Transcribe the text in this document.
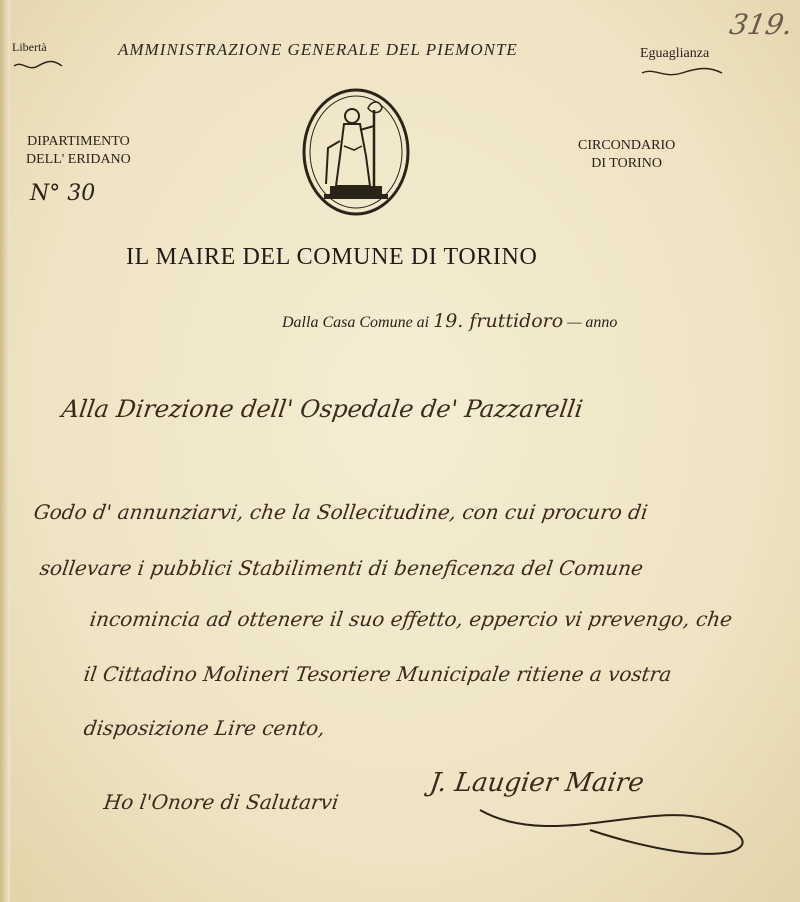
319.
Libertà	AMMINISTRAZIONE GENERALE DEL PIEMONTE	Eguaglianza
DIPARTIMENTO
DELL' ERIDANO
CIRCONDARIO
DI TORINO
N° 30
IL MAIRE DEL COMUNE DI TORINO
Dalla Casa Comune ai 19. fruttidoro — anno
Alla Direzione dell' Ospedale de' Pazzarelli
Godo d' annunziarvi, che la Sollecitudine, con cui procuro di
sollevare i pubblici Stabilimenti di beneficenza del Comune
incomincia ad ottenere il suo effetto, eppercio vi prevengo, che
il Cittadino Molineri Tesoriere Municipale ritiene a vostra
disposizione Lire cento,
Ho l'Onore di Salutarvi
J. Laugier Maire
